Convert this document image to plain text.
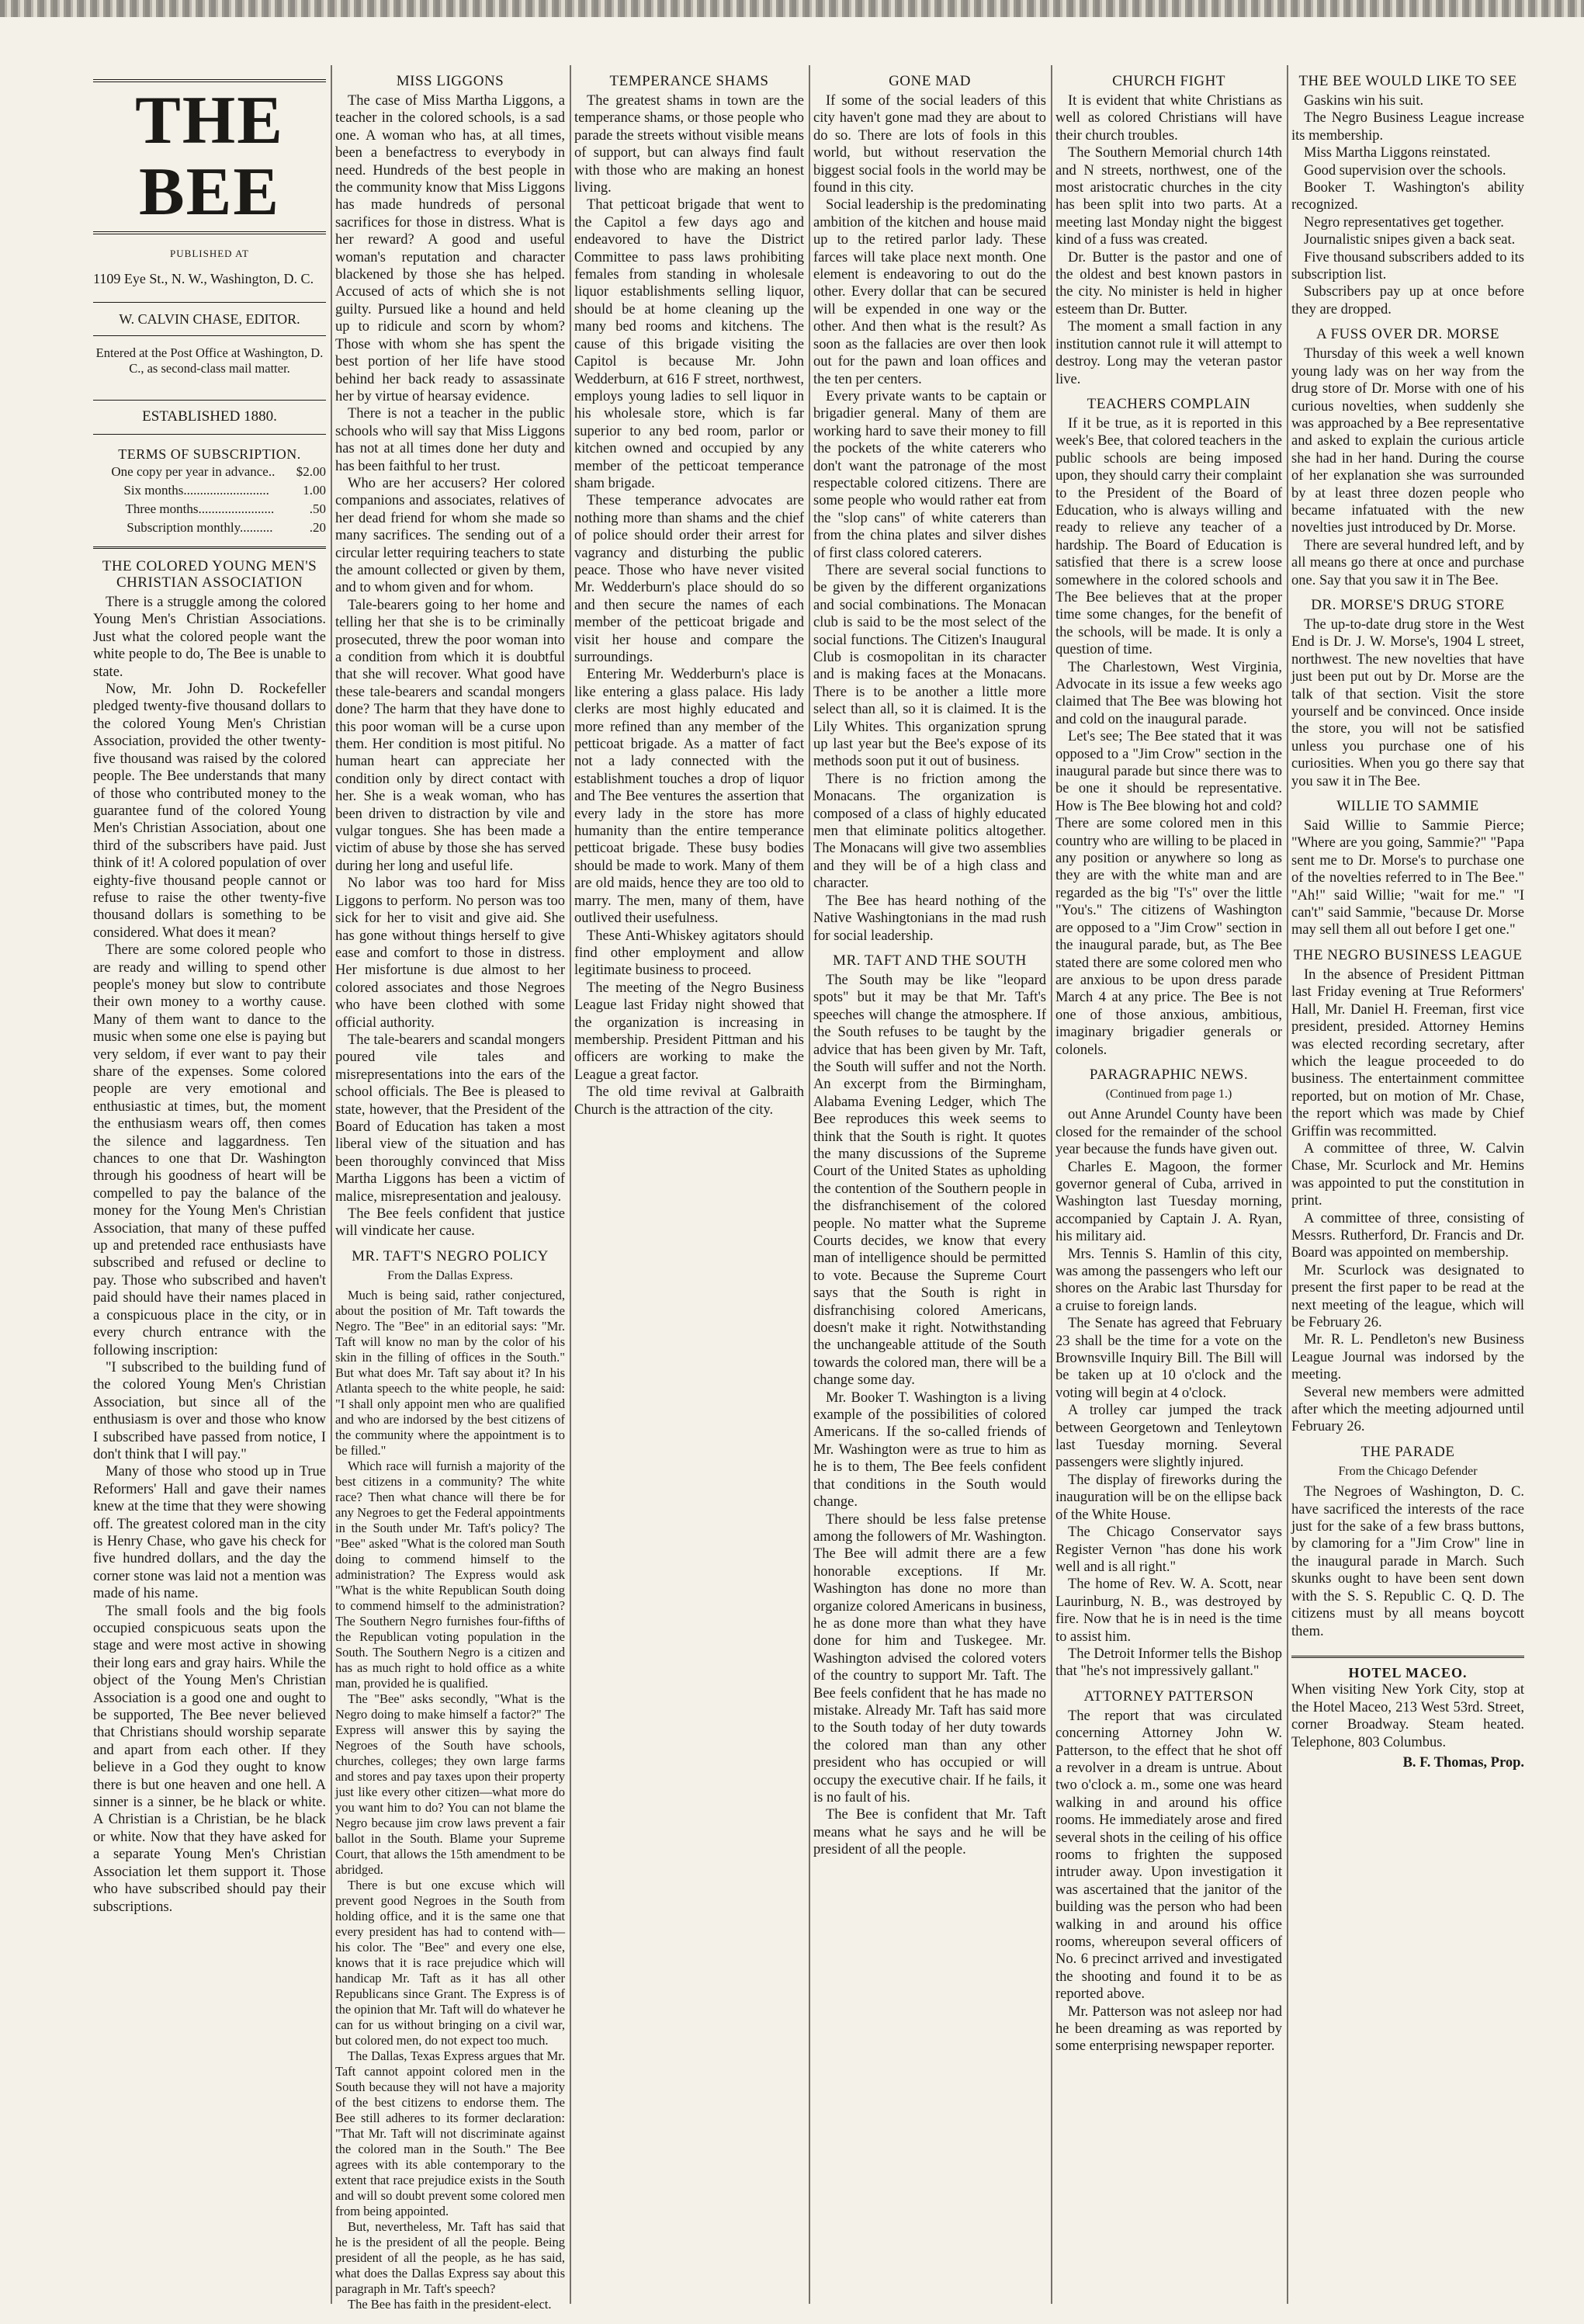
THE BEE
PUBLISHED AT
1109 Eye St., N. W., Washington, D. C.
W. CALVIN CHASE, EDITOR.
Entered at the Post Office at Washington, D. C., as second-class mail matter.
ESTABLISHED 1880.
TERMS OF SUBSCRIPTION.
One copy per year in advance..	$2.00
Six months..........................	1.00
Three months.......................	.50
Subscription monthly..........	.20
THE COLORED YOUNG MEN'S CHRISTIAN ASSOCIATION

There is a struggle among the colored Young Men's Christian Associations. Just what the colored people want the white people to do, The Bee is unable to state.

Now, Mr. John D. Rockefeller pledged twenty-five thousand dollars to the colored Young Men's Christian Association, provided the other twenty-five thousand was raised by the colored people. The Bee understands that many of those who contributed money to the guarantee fund of the colored Young Men's Christian Association, about one third of the subscribers have paid. Just think of it! A colored population of over eighty-five thousand people cannot or refuse to raise the other twenty-five thousand dollars is something to be considered. What does it mean?

There are some colored people who are ready and willing to spend other people's money but slow to contribute their own money to a worthy cause. Many of them want to dance to the music when some one else is paying but very seldom, if ever want to pay their share of the expenses. Some colored people are very emotional and enthusiastic at times, but, the moment the enthusiasm wears off, then comes the silence and laggardness. Ten chances to one that Dr. Washington through his goodness of heart will be compelled to pay the balance of the money for the Young Men's Christian Association, that many of these puffed up and pretended race enthusiasts have subscribed and refused or decline to pay. Those who subscribed and haven't paid should have their names placed in a conspicuous place in the city, or in every church entrance with the following inscription:

"I subscribed to the building fund of the colored Young Men's Christian Association, but since all of the enthusiasm is over and those who know I subscribed have passed from notice, I don't think that I will pay."

Many of those who stood up in True Reformers' Hall and gave their names knew at the time that they were showing off. The greatest colored man in the city is Henry Chase, who gave his check for five hundred dollars, and the day the corner stone was laid not a mention was made of his name.

The small fools and the big fools occupied conspicuous seats upon the stage and were most active in showing their long ears and gray hairs. While the object of the Young Men's Christian Association is a good one and ought to be supported, The Bee never believed that Christians should worship separate and apart from each other. If they believe in a God they ought to know there is but one heaven and one hell. A sinner is a sinner, be he black or white. A Christian is a Christian, be he black or white. Now that they have asked for a separate Young Men's Christian Association let them support it. Those who have subscribed should pay their subscriptions.

MISS LIGGONS

The case of Miss Martha Liggons, a teacher in the colored schools, is a sad one. A woman who has, at all times, been a benefactress to everybody in need. Hundreds of the best people in the community know that Miss Liggons has made hundreds of personal sacrifices for those in distress. What is her reward? A good and useful woman's reputation and character blackened by those she has helped. Accused of acts of which she is not guilty. Pursued like a hound and held up to ridicule and scorn by whom? Those with whom she has spent the best portion of her life have stood behind her back ready to assassinate her by virtue of hearsay evidence.

There is not a teacher in the public schools who will say that Miss Liggons has not at all times done her duty and has been faithful to her trust.

Who are her accusers? Her colored companions and associates, relatives of her dead friend for whom she made so many sacrifices. The sending out of a circular letter requiring teachers to state the amount collected or given by them, and to whom given and for whom.

Tale-bearers going to her home and telling her that she is to be criminally prosecuted, threw the poor woman into a condition from which it is doubtful that she will recover. What good have these tale-bearers and scandal mongers done? The harm that they have done to this poor woman will be a curse upon them. Her condition is most pitiful. No human heart can appreciate her condition only by direct contact with her. She is a weak woman, who has been driven to distraction by vile and vulgar tongues. She has been made a victim of abuse by those she has served during her long and useful life.

No labor was too hard for Miss Liggons to perform. No person was too sick for her to visit and give aid. She has gone without things herself to give ease and comfort to those in distress. Her misfortune is due almost to her colored associates and those Negroes who have been clothed with some official authority.

The tale-bearers and scandal mongers poured vile tales and misrepresentations into the ears of the school officials. The Bee is pleased to state, however, that the President of the Board of Education has taken a most liberal view of the situation and has been thoroughly convinced that Miss Martha Liggons has been a victim of malice, misrepresentation and jealousy.

The Bee feels confident that justice will vindicate her cause.

MR. TAFT'S NEGRO POLICY
From the Dallas Express.

Much is being said, rather conjectured, about the position of Mr. Taft towards the Negro. The "Bee" in an editorial says: "Mr. Taft will know no man by the color of his skin in the filling of offices in the South." But what does Mr. Taft say about it? In his Atlanta speech to the white people, he said: "I shall only appoint men who are qualified and who are indorsed by the best citizens of the community where the appointment is to be filled."

Which race will furnish a majority of the best citizens in a community? The white race? Then what chance will there be for any Negroes to get the Federal appointments in the South under Mr. Taft's policy? The "Bee" asked "What is the colored man South doing to commend himself to the administration? The Express would ask "What is the white Republican South doing to commend himself to the administration? The Southern Negro furnishes four-fifths of the Republican voting population in the South. The Southern Negro is a citizen and has as much right to hold office as a white man, provided he is qualified.

The "Bee" asks secondly, "What is the Negro doing to make himself a factor?" The Express will answer this by saying the Negroes of the South have schools, churches, colleges; they own large farms and stores and pay taxes upon their property just like every other citizen—what more do you want him to do? You can not blame the Negro because jim crow laws prevent a fair ballot in the South. Blame your Supreme Court, that allows the 15th amendment to be abridged.

There is but one excuse which will prevent good Negroes in the South from holding office, and it is the same one that every president has had to contend with—his color. The "Bee" and every one else, knows that it is race prejudice which will handicap Mr. Taft as it has all other Republicans since Grant. The Express is of the opinion that Mr. Taft will do whatever he can for us without bringing on a civil war, but colored men, do not expect too much.

The Dallas, Texas Express argues that Mr. Taft cannot appoint colored men in the South because they will not have a majority of the best citizens to endorse them. The Bee still adheres to its former declaration: "That Mr. Taft will not discriminate against the colored man in the South." The Bee agrees with its able contemporary to the extent that race prejudice exists in the South and will so doubt prevent some colored men from being appointed.

But, nevertheless, Mr. Taft has said that he is the president of all the people. Being president of all the people, as he has said, what does the Dallas Express say about this paragraph in Mr. Taft's speech?

The Bee has faith in the president-elect.

TEMPERANCE SHAMS

The greatest shams in town are the temperance shams, or those people who parade the streets without visible means of support, but can always find fault with those who are making an honest living.

That petticoat brigade that went to the Capitol a few days ago and endeavored to have the District Committee to pass laws prohibiting females from standing in wholesale liquor establishments selling liquor, should be at home cleaning up the many bed rooms and kitchens. The cause of this brigade visiting the Capitol is because Mr. John Wedderburn, at 616 F street, northwest, employs young ladies to sell liquor in his wholesale store, which is far superior to any bed room, parlor or kitchen owned and occupied by any member of the petticoat temperance sham brigade.

These temperance advocates are nothing more than shams and the chief of police should order their arrest for vagrancy and disturbing the public peace. Those who have never visited Mr. Wedderburn's place should do so and then secure the names of each member of the petticoat brigade and visit her house and compare the surroundings.

Entering Mr. Wedderburn's place is like entering a glass palace. His lady clerks are most highly educated and more refined than any member of the petticoat brigade. As a matter of fact not a lady connected with the establishment touches a drop of liquor and The Bee ventures the assertion that every lady in the store has more humanity than the entire temperance petticoat brigade. These busy bodies should be made to work. Many of them are old maids, hence they are too old to marry. The men, many of them, have outlived their usefulness.

These Anti-Whiskey agitators should find other employment and allow legitimate business to proceed.

The meeting of the Negro Business League last Friday night showed that the organization is increasing in membership. President Pittman and his officers are working to make the League a great factor.

The old time revival at Galbraith Church is the attraction of the city.

GONE MAD

If some of the social leaders of this city haven't gone mad they are about to do so. There are lots of fools in this world, but without reservation the biggest social fools in the world may be found in this city.

Social leadership is the predominating ambition of the kitchen and house maid up to the retired parlor lady. These farces will take place next month. One element is endeavoring to out do the other. Every dollar that can be secured will be expended in one way or the other. And then what is the result? As soon as the fallacies are over then look out for the pawn and loan offices and the ten per centers.

Every private wants to be captain or brigadier general. Many of them are working hard to save their money to fill the pockets of the white caterers who don't want the patronage of the most respectable colored citizens. There are some people who would rather eat from the "slop cans" of white caterers than from the china plates and silver dishes of first class colored caterers.

There are several social functions to be given by the different organizations and social combinations. The Monacan club is said to be the most select of the social functions. The Citizen's Inaugural Club is cosmopolitan in its character and is making faces at the Monacans. There is to be another a little more select than all, so it is claimed. It is the Lily Whites. This organization sprung up last year but the Bee's expose of its methods soon put it out of business.

There is no friction among the Monacans. The organization is composed of a class of highly educated men that eliminate politics altogether. The Monacans will give two assemblies and they will be of a high class and character.

The Bee has heard nothing of the Native Washingtonians in the mad rush for social leadership.

MR. TAFT AND THE SOUTH

The South may be like "leopard spots" but it may be that Mr. Taft's speeches will change the atmosphere. If the South refuses to be taught by the advice that has been given by Mr. Taft, the South will suffer and not the North. An excerpt from the Birmingham, Alabama Evening Ledger, which The Bee reproduces this week seems to think that the South is right. It quotes the many discussions of the Supreme Court of the United States as upholding the contention of the Southern people in the disfranchisement of the colored people. No matter what the Supreme Courts decides, we know that every man of intelligence should be permitted to vote. Because the Supreme Court says that the South is right in disfranchising colored Americans, doesn't make it right. Notwithstanding the unchangeable attitude of the South towards the colored man, there will be a change some day.

Mr. Booker T. Washington is a living example of the possibilities of colored Americans. If the so-called friends of Mr. Washington were as true to him as he is to them, The Bee feels confident that conditions in the South would change.

There should be less false pretense among the followers of Mr. Washington. The Bee will admit there are a few honorable exceptions. If Mr. Washington has done no more than organize colored Americans in business, he as done more than what they have done for him and Tuskegee. Mr. Washington advised the colored voters of the country to support Mr. Taft. The Bee feels confident that he has made no mistake. Already Mr. Taft has said more to the South today of her duty towards the colored man than any other president who has occupied or will occupy the executive chair. If he fails, it is no fault of his.

The Bee is confident that Mr. Taft means what he says and he will be president of all the people.

CHURCH FIGHT

It is evident that white Christians as well as colored Christians will have their church troubles.

The Southern Memorial church 14th and N streets, northwest, one of the most aristocratic churches in the city has been split into two parts. At a meeting last Monday night the biggest kind of a fuss was created.

Dr. Butter is the pastor and one of the oldest and best known pastors in the city. No minister is held in higher esteem than Dr. Butter.

The moment a small faction in any institution cannot rule it will attempt to destroy. Long may the veteran pastor live.

TEACHERS COMPLAIN

If it be true, as it is reported in this week's Bee, that colored teachers in the public schools are being imposed upon, they should carry their complaint to the President of the Board of Education, who is always willing and ready to relieve any teacher of a hardship. The Board of Education is satisfied that there is a screw loose somewhere in the colored schools and The Bee believes that at the proper time some changes, for the benefit of the schools, will be made. It is only a question of time.

The Charlestown, West Virginia, Advocate in its issue a few weeks ago claimed that The Bee was blowing hot and cold on the inaugural parade.

Let's see; The Bee stated that it was opposed to a "Jim Crow" section in the inaugural parade but since there was to be one it should be representative. How is The Bee blowing hot and cold? There are some colored men in this country who are willing to be placed in any position or anywhere so long as they are with the white man and are regarded as the big "I's" over the little "You's." The citizens of Washington are opposed to a "Jim Crow" section in the inaugural parade, but, as The Bee stated there are some colored men who are anxious to be upon dress parade March 4 at any price. The Bee is not one of those anxious, ambitious, imaginary brigadier generals or colonels.

PARAGRAPHIC NEWS.
(Continued from page 1.)

out Anne Arundel County have been closed for the remainder of the school year because the funds have given out.

Charles E. Magoon, the former governor general of Cuba, arrived in Washington last Tuesday morning, accompanied by Captain J. A. Ryan, his military aid.

Mrs. Tennis S. Hamlin of this city, was among the passengers who left our shores on the Arabic last Thursday for a cruise to foreign lands.

The Senate has agreed that February 23 shall be the time for a vote on the Brownsville Inquiry Bill. The Bill will be taken up at 10 o'clock and the voting will begin at 4 o'clock.

A trolley car jumped the track between Georgetown and Tenleytown last Tuesday morning. Several passengers were slightly injured.

The display of fireworks during the inauguration will be on the ellipse back of the White House.

The Chicago Conservator says Register Vernon "has done his work well and is all right."

The home of Rev. W. A. Scott, near Laurinburg, N. B., was destroyed by fire. Now that he is in need is the time to assist him.

The Detroit Informer tells the Bishop that "he's not impressively gallant."

ATTORNEY PATTERSON

The report that was circulated concerning Attorney John W. Patterson, to the effect that he shot off a revolver in a dream is untrue. About two o'clock a. m., some one was heard walking in and around his office rooms. He immediately arose and fired several shots in the ceiling of his office rooms to frighten the supposed intruder away. Upon investigation it was ascertained that the janitor of the building was the person who had been walking in and around his office rooms, whereupon several officers of No. 6 precinct arrived and investigated the shooting and found it to be as reported above.

Mr. Patterson was not asleep nor had he been dreaming as was reported by some enterprising newspaper reporter.

THE BEE WOULD LIKE TO SEE

Gaskins win his suit.

The Negro Business League increase its membership.

Miss Martha Liggons reinstated.

Good supervision over the schools.

Booker T. Washington's ability recognized.

Negro representatives get together.

Journalistic snipes given a back seat.

Five thousand subscribers added to its subscription list.

Subscribers pay up at once before they are dropped.

A FUSS OVER DR. MORSE

Thursday of this week a well known young lady was on her way from the drug store of Dr. Morse with one of his curious novelties, when suddenly she was approached by a Bee representative and asked to explain the curious article she had in her hand. During the course of her explanation she was surrounded by at least three dozen people who became infatuated with the new novelties just introduced by Dr. Morse.

There are several hundred left, and by all means go there at once and purchase one. Say that you saw it in The Bee.

DR. MORSE'S DRUG STORE

The up-to-date drug store in the West End is Dr. J. W. Morse's, 1904 L street, northwest. The new novelties that have just been put out by Dr. Morse are the talk of that section. Visit the store yourself and be convinced. Once inside the store, you will not be satisfied unless you purchase one of his curiosities. When you go there say that you saw it in The Bee.

WILLIE TO SAMMIE

Said Willie to Sammie Pierce; "Where are you going, Sammie?" "Papa sent me to Dr. Morse's to purchase one of the novelties referred to in The Bee." "Ah!" said Willie; "wait for me." "I can't" said Sammie, "because Dr. Morse may sell them all out before I get one."

THE NEGRO BUSINESS LEAGUE

In the absence of President Pittman last Friday evening at True Reformers' Hall, Mr. Daniel H. Freeman, first vice president, presided. Attorney Hemins was elected recording secretary, after which the league proceeded to do business. The entertainment committee reported, but on motion of Mr. Chase, the report which was made by Chief Griffin was recommitted.

A committee of three, W. Calvin Chase, Mr. Scurlock and Mr. Hemins was appointed to put the constitution in print.

A committee of three, consisting of Messrs. Rutherford, Dr. Francis and Dr. Board was appointed on membership.

Mr. Scurlock was designated to present the first paper to be read at the next meeting of the league, which will be February 26.

Mr. R. L. Pendleton's new Business League Journal was indorsed by the meeting.

Several new members were admitted after which the meeting adjourned until February 26.

THE PARADE
From the Chicago Defender

The Negroes of Washington, D. C. have sacrificed the interests of the race just for the sake of a few brass buttons, by clamoring for a "Jim Crow" line in the inaugural parade in March. Such skunks ought to have been sent down with the S. S. Republic C. Q. D. The citizens must by all means boycott them.

HOTEL MACEO.

When visiting New York City, stop at the Hotel Maceo, 213 West 53rd. Street, corner Broadway. Steam heated. Telephone, 803 Columbus.

B. F. Thomas, Prop.
